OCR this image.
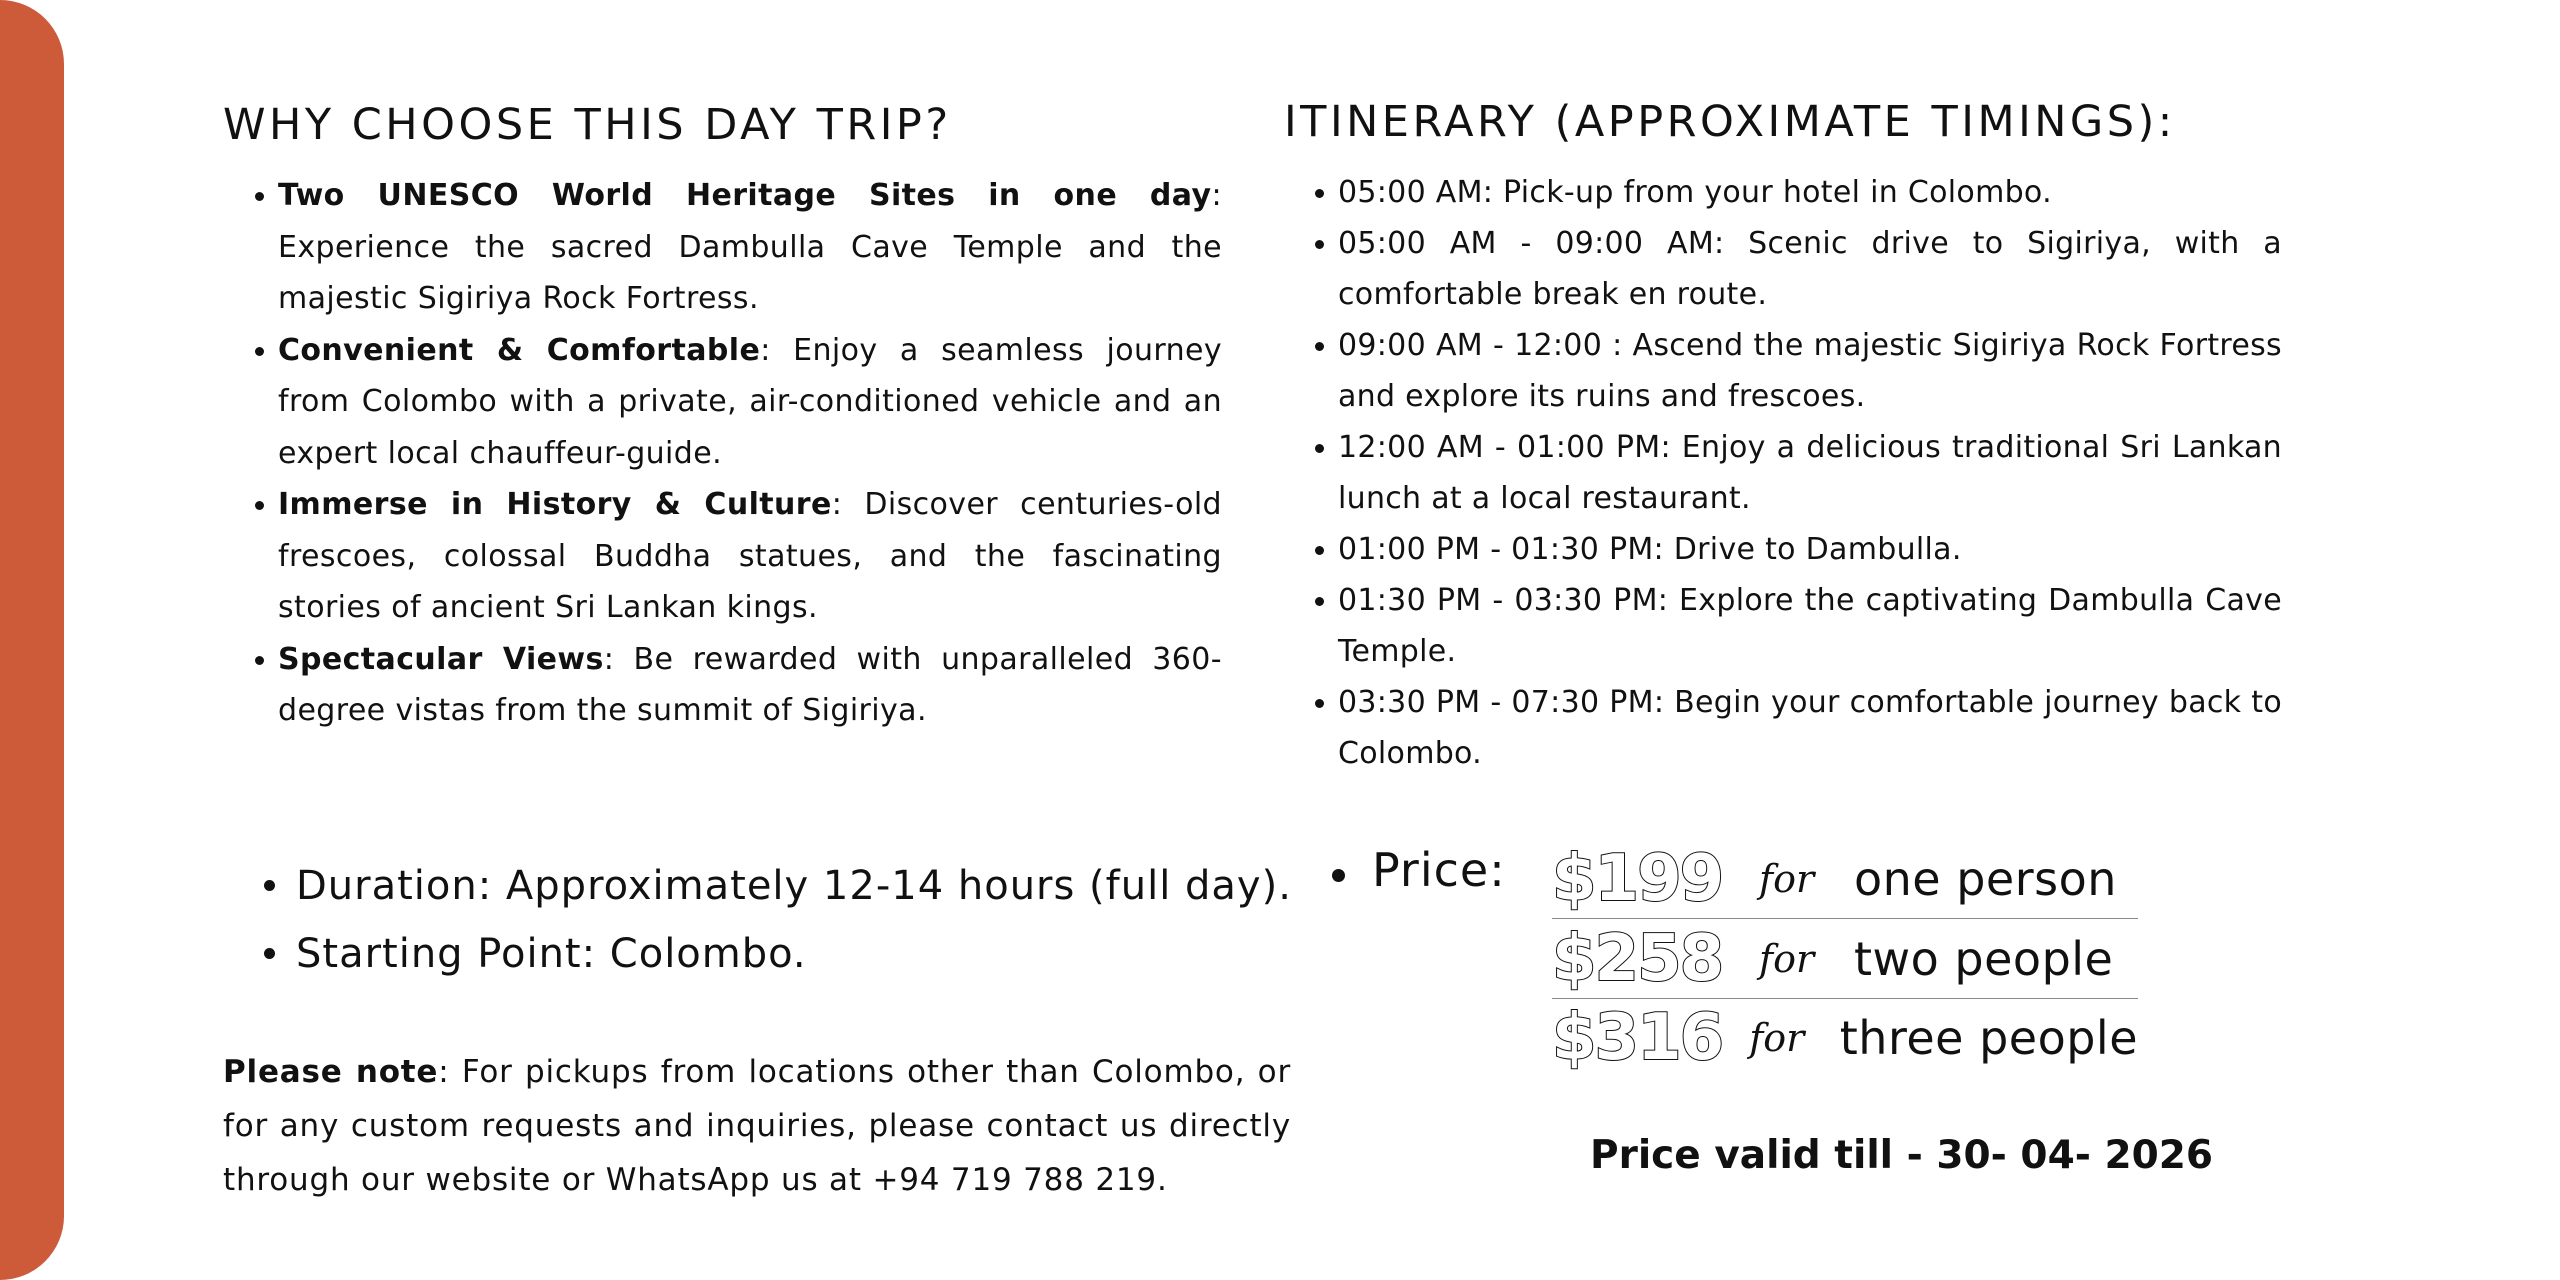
WHY CHOOSE THIS DAY TRIP?
Two UNESCO World Heritage Sites in one day: Experience the sacred Dambulla Cave Temple and the majestic Sigiriya Rock Fortress.
Convenient & Comfortable: Enjoy a seamless journey from Colombo with a private, air-conditioned vehicle and an expert local chauffeur-guide.
Immerse in History & Culture: Discover centuries-old frescoes, colossal Buddha statues, and the fascinating stories of ancient Sri Lankan kings.
Spectacular Views: Be rewarded with unparalleled 360-degree vistas from the summit of Sigiriya.
ITINERARY (APPROXIMATE TIMINGS):
05:00 AM: Pick-up from your hotel in Colombo.
05:00 AM - 09:00 AM: Scenic drive to Sigiriya, with a comfortable break en route.
09:00 AM - 12:00 : Ascend the majestic Sigiriya Rock Fortress and explore its ruins and frescoes.
12:00 AM - 01:00 PM: Enjoy a delicious traditional Sri Lankan lunch at a local restaurant.
01:00 PM - 01:30 PM: Drive to Dambulla.
01:30 PM - 03:30 PM: Explore the captivating Dambulla Cave Temple.
03:30 PM - 07:30 PM: Begin your comfortable journey back to Colombo.
Duration: Approximately 12-14 hours (full day).
Starting Point: Colombo.

Please note: For pickups from locations other than Colombo, or for any custom requests and inquiries, please contact us directly through our website or WhatsApp us at +94 719 788 219.

Price: $199 for one person
$258 for two people
$316 for three people
Price valid till - 30- 04- 2026
